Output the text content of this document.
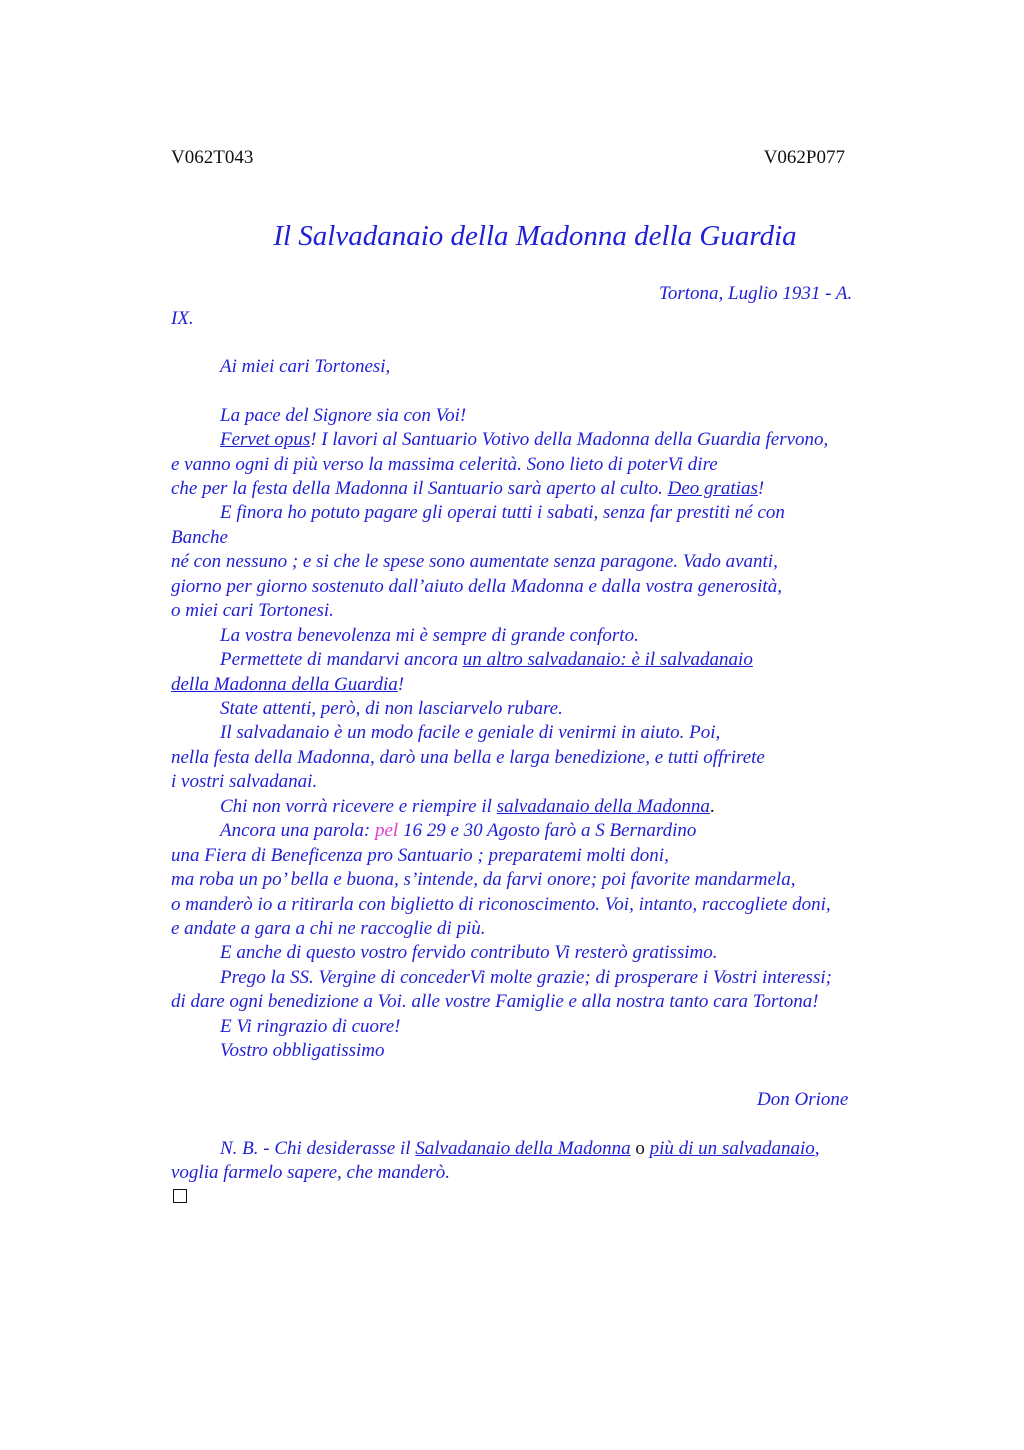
V062T043	V062P077
Il Salvadanaio della Madonna della Guardia
Tortona, Luglio 1931 - A.
IX.
Ai miei cari Tortonesi,
La pace del Signore sia con Voi!
Fervet opus! I lavori al Santuario Votivo della Madonna della Guardia fervono,
e vanno ogni di più verso la massima celerità. Sono lieto di poterVi dire
che per la festa della Madonna il Santuario sarà aperto al culto. Deo gratias!
E finora ho potuto pagare gli operai tutti i sabati, senza far prestiti né con
Banche
né con nessuno ; e si che le spese sono aumentate senza paragone. Vado avanti,
giorno per giorno sostenuto dall’aiuto della Madonna e dalla vostra generosità,
o miei cari Tortonesi.
La vostra benevolenza mi è sempre di grande conforto.
Permettete di mandarvi ancora un altro salvadanaio: è il salvadanaio
della Madonna della Guardia!
State attenti, però, di non lasciarvelo rubare.
Il salvadanaio è un modo facile e geniale di venirmi in aiuto. Poi,
nella festa della Madonna, darò una bella e larga benedizione, e tutti offrirete
i vostri salvadanai.
Chi non vorrà ricevere e riempire il salvadanaio della Madonna.
Ancora una parola: pel 16 29 e 30 Agosto farò a S Bernardino
una Fiera di Beneficenza pro Santuario ; preparatemi molti doni,
ma roba un po’ bella e buona, s’intende, da farvi onore; poi favorite mandarmela,
o manderò io a ritirarla con biglietto di riconoscimento. Voi, intanto, raccogliete doni,
e andate a gara a chi ne raccoglie di più.
E anche di questo vostro fervido contributo Vi resterò gratissimo.
Prego la SS. Vergine di concederVi molte grazie; di prosperare i Vostri interessi;
di dare ogni benedizione a Voi. alle vostre Famiglie e alla nostra tanto cara Tortona!
E Vi ringrazio di cuore!
Vostro obbligatissimo
Don Orione
N. B. - Chi desiderasse il Salvadanaio della Madonna o più di un salvadanaio,
voglia farmelo sapere, che manderò.
